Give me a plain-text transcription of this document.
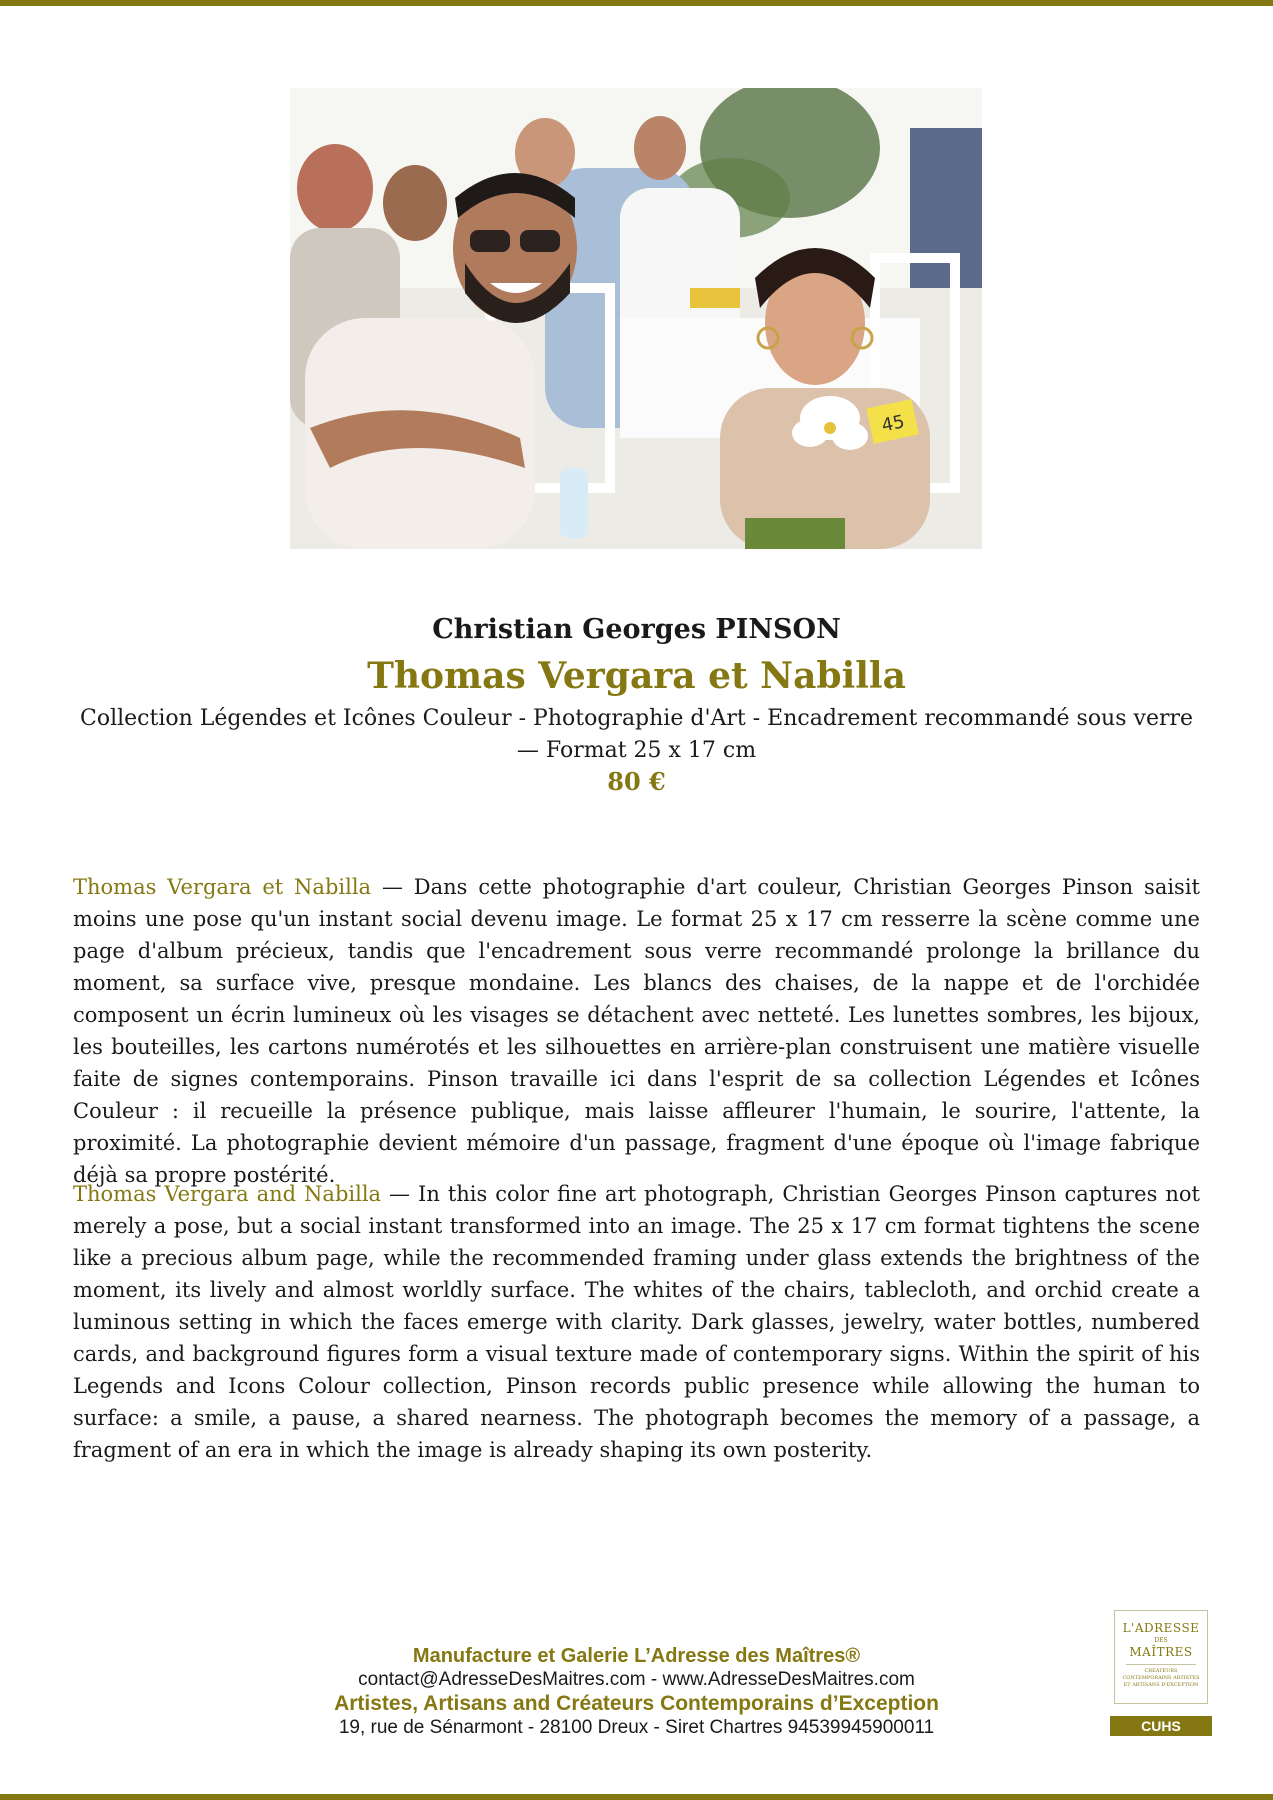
45
Christian Georges PINSON
Thomas Vergara et Nabilla
Collection Légendes et Icônes Couleur - Photographie d'Art - Encadrement recommandé sous verre — Format 25 x 17 cm
80 €

Thomas Vergara et Nabilla — Dans cette photographie d'art couleur, Christian Georges Pinson saisit moins une pose qu'un instant social devenu image. Le format 25 x 17 cm resserre la scène comme une page d'album précieux, tandis que l'encadrement sous verre recommandé prolonge la brillance du moment, sa surface vive, presque mondaine. Les blancs des chaises, de la nappe et de l'orchidée composent un écrin lumineux où les visages se détachent avec netteté. Les lunettes sombres, les bijoux, les bouteilles, les cartons numérotés et les silhouettes en arrière-plan construisent une matière visuelle faite de signes contemporains. Pinson travaille ici dans l'esprit de sa collection Légendes et Icônes Couleur : il recueille la présence publique, mais laisse affleurer l'humain, le sourire, l'attente, la proximité. La photographie devient mémoire d'un passage, fragment d'une époque où l'image fabrique déjà sa propre postérité.

Thomas Vergara and Nabilla — In this color fine art photograph, Christian Georges Pinson captures not merely a pose, but a social instant transformed into an image. The 25 x 17 cm format tightens the scene like a precious album page, while the recommended framing under glass extends the brightness of the moment, its lively and almost worldly surface. The whites of the chairs, tablecloth, and orchid create a luminous setting in which the faces emerge with clarity. Dark glasses, jewelry, water bottles, numbered cards, and background figures form a visual texture made of contemporary signs. Within the spirit of his Legends and Icons Colour collection, Pinson records public presence while allowing the human to surface: a smile, a pause, a shared nearness. The photograph becomes the memory of a passage, a fragment of an era in which the image is already shaping its own posterity.

Manufacture et Galerie L’Adresse des Maîtres®
contact@AdresseDesMaitres.com - www.AdresseDesMaitres.com
Artistes, Artisans and Créateurs Contemporains d’Exception
19, rue de Sénarmont - 28100 Dreux - Siret Chartres 94539945900011
L'ADRESSE
DES
MAÎTRES
CRÉATEURS CONTEMPORAINS ARTISTES ET ARTISANS D'EXCEPTION
CUHS
